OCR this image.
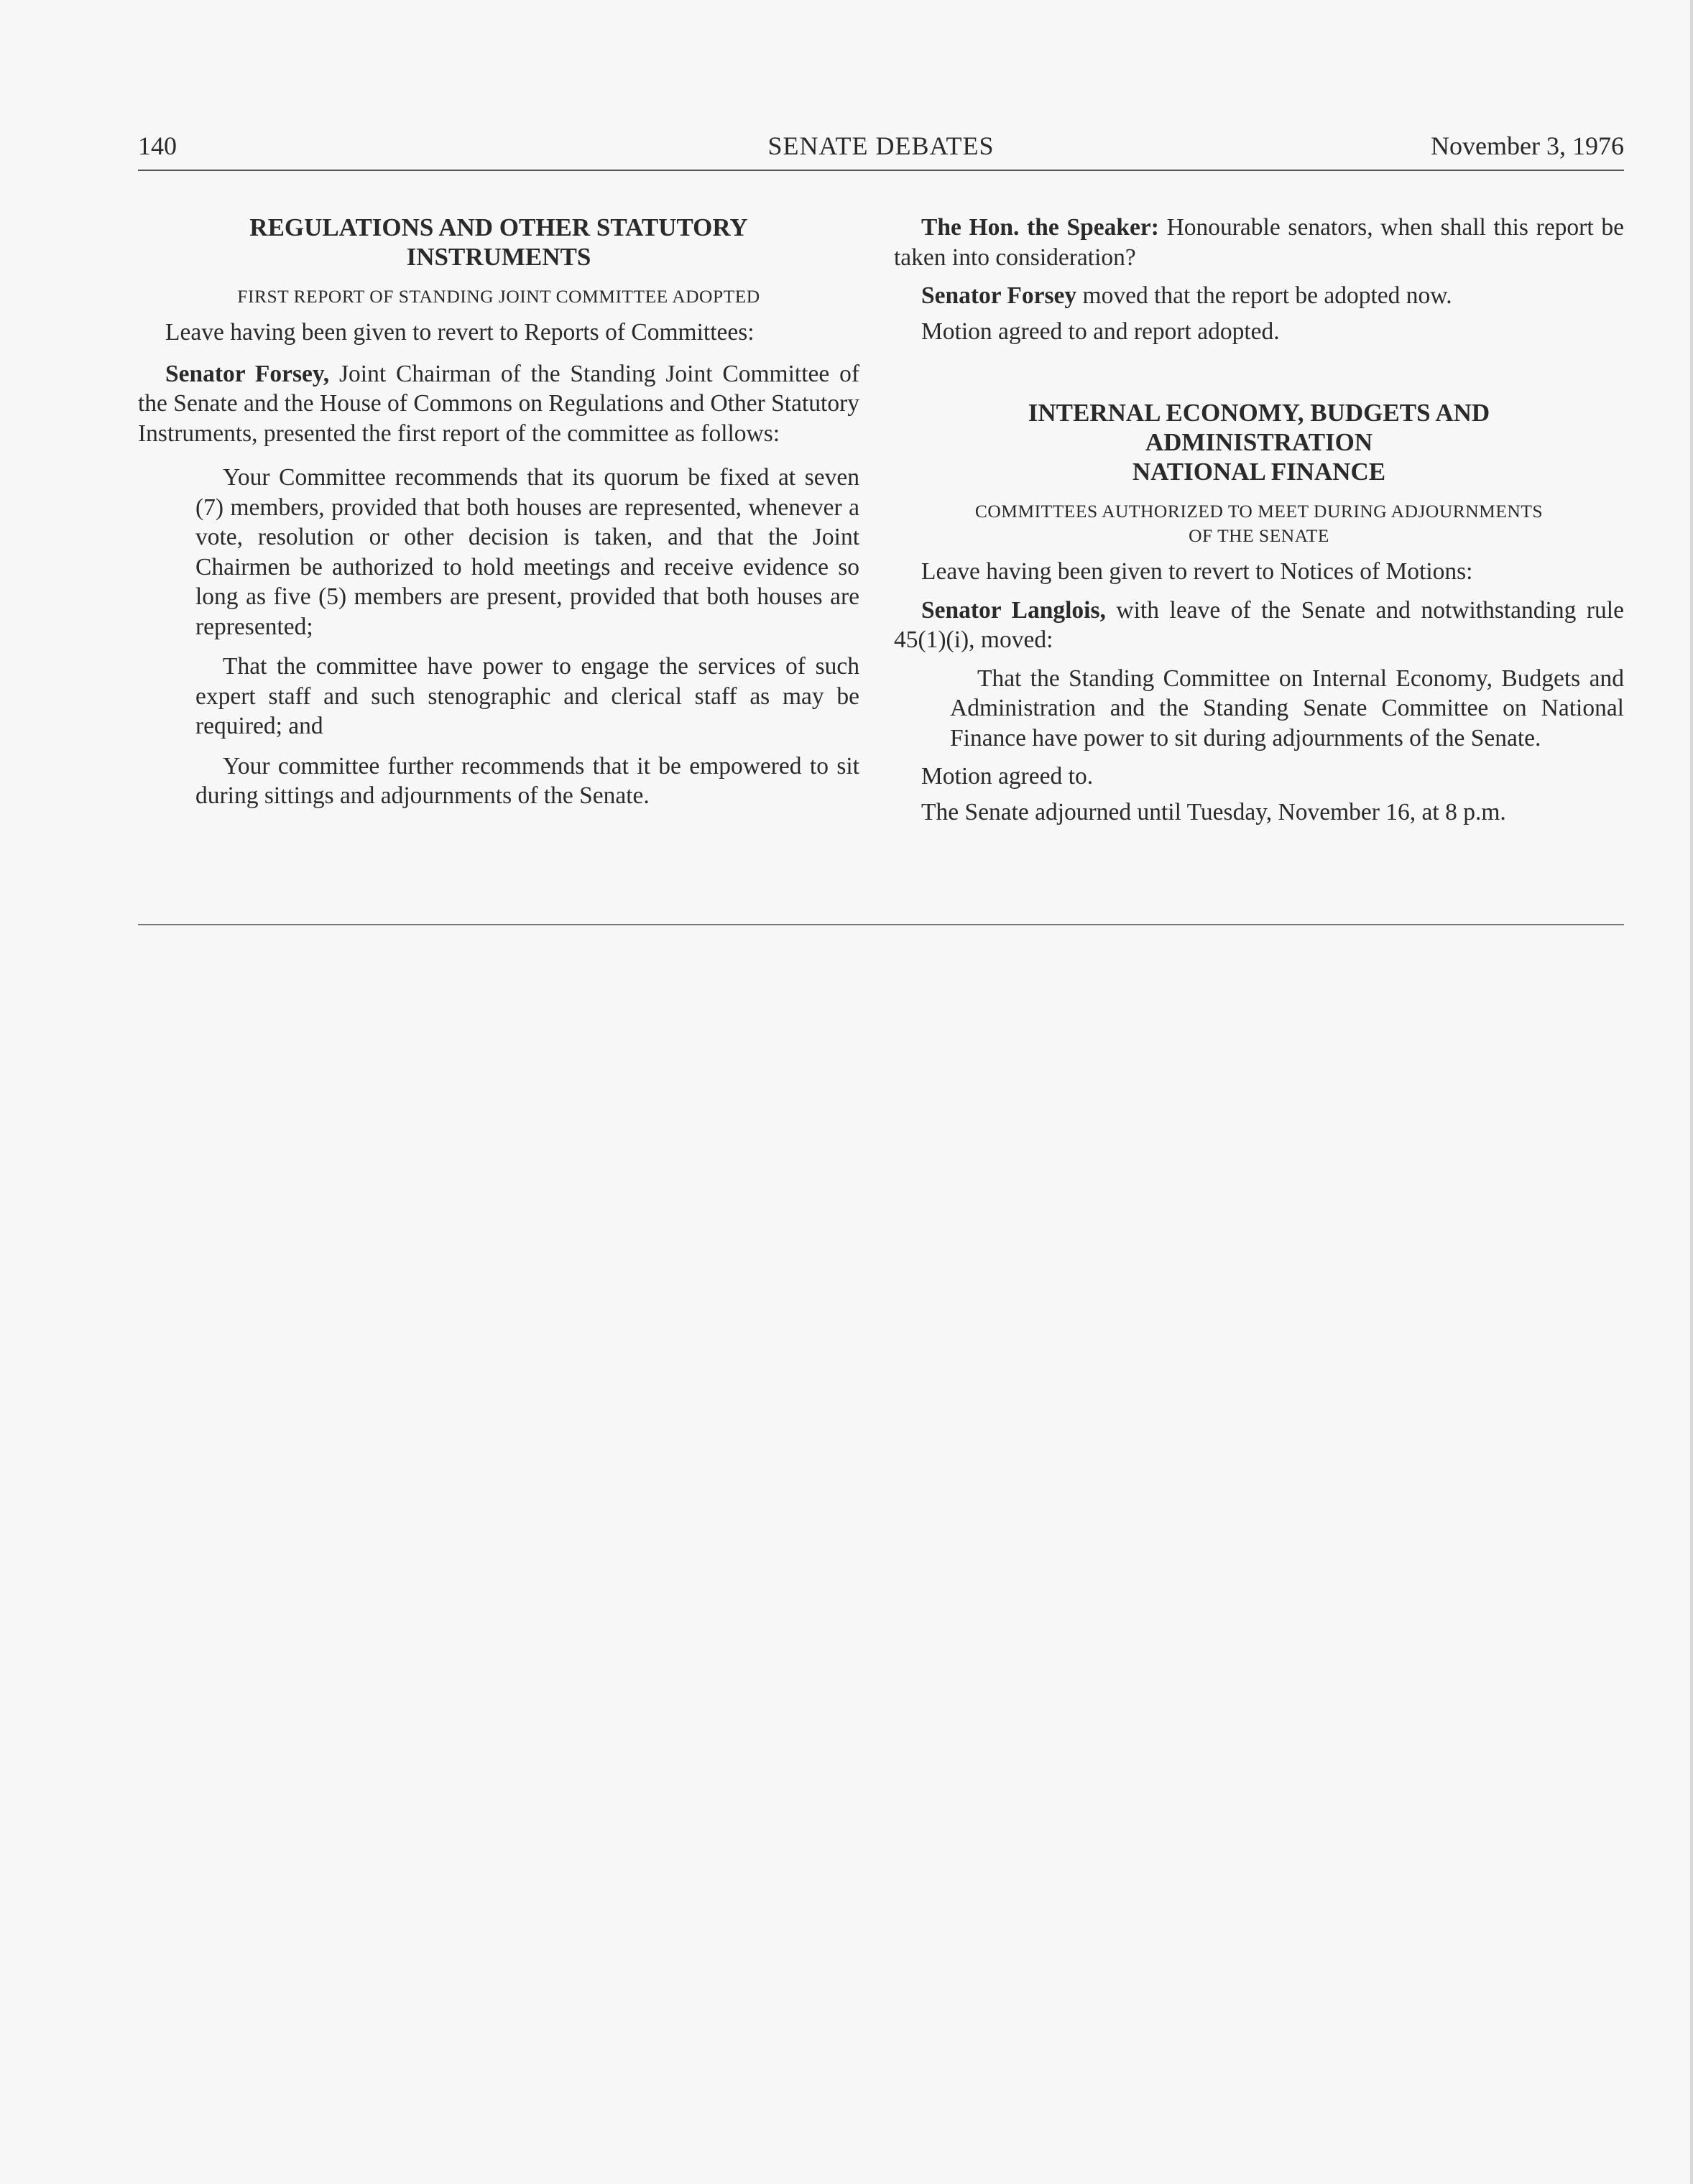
140	SENATE DEBATES	November 3, 1976
REGULATIONS AND OTHER STATUTORY
INSTRUMENTS
FIRST REPORT OF STANDING JOINT COMMITTEE ADOPTED

Leave having been given to revert to Reports of Committees:

Senator Forsey, Joint Chairman of the Standing Joint Committee of the Senate and the House of Commons on Regulations and Other Statutory Instruments, presented the first report of the committee as follows:

Your Committee recommends that its quorum be fixed at seven (7) members, provided that both houses are represented, whenever a vote, resolution or other decision is taken, and that the Joint Chairmen be authorized to hold meetings and receive evidence so long as five (5) members are present, provided that both houses are represented;

That the committee have power to engage the services of such expert staff and such stenographic and clerical staff as may be required; and

Your committee further recommends that it be empowered to sit during sittings and adjournments of the Senate.

The Hon. the Speaker: Honourable senators, when shall this report be taken into consideration?

Senator Forsey moved that the report be adopted now.

Motion agreed to and report adopted.

INTERNAL ECONOMY, BUDGETS AND
ADMINISTRATION
NATIONAL FINANCE
COMMITTEES AUTHORIZED TO MEET DURING ADJOURNMENTS
OF THE SENATE

Leave having been given to revert to Notices of Motions:

Senator Langlois, with leave of the Senate and notwithstanding rule 45(1)(i), moved:

That the Standing Committee on Internal Economy, Budgets and Administration and the Standing Senate Committee on National Finance have power to sit during adjournments of the Senate.

Motion agreed to.

The Senate adjourned until Tuesday, November 16, at 8 p.m.
